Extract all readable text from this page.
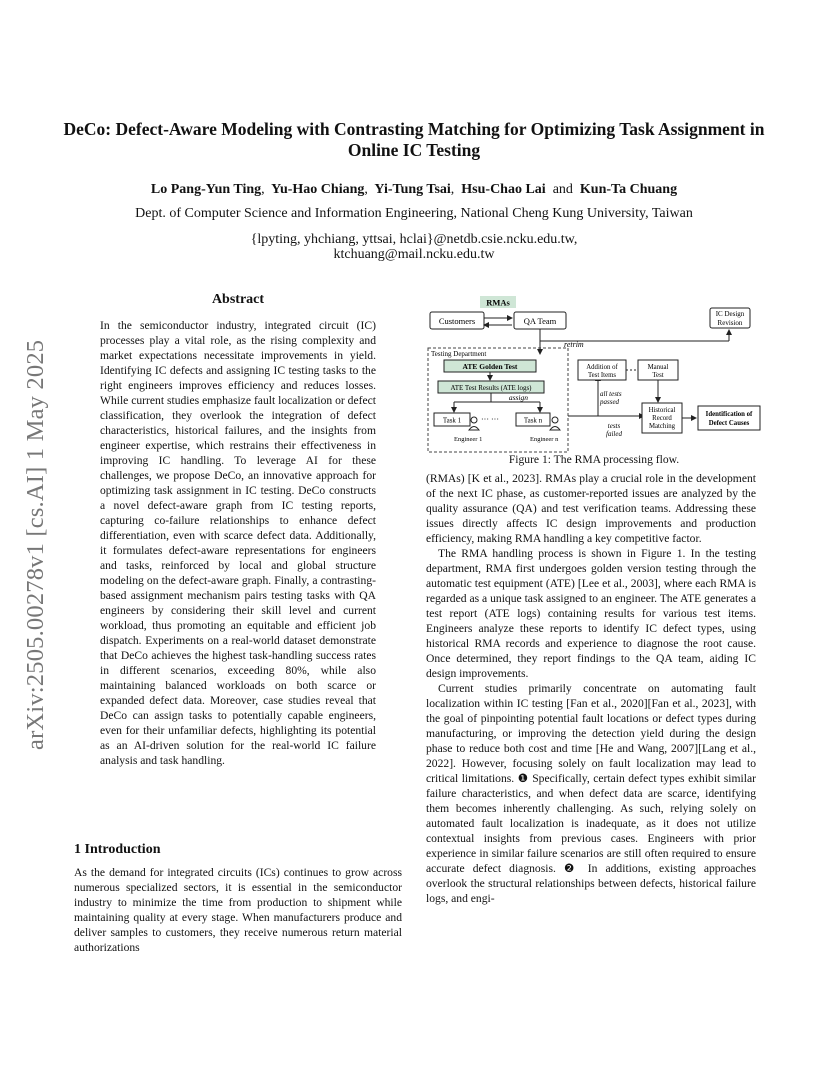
arXiv:2505.00278v1 [cs.AI] 1 May 2025
DeCo: Defect-Aware Modeling with Contrasting Matching for Optimizing Task Assignment in Online IC Testing
Lo Pang-Yun Ting, Yu-Hao Chiang, Yi-Tung Tsai, Hsu-Chao Lai and Kun-Ta Chuang
Dept. of Computer Science and Information Engineering, National Cheng Kung University, Taiwan
{lpyting, yhchiang, yttsai, hclai}@netdb.csie.ncku.edu.tw,
ktchuang@mail.ncku.edu.tw
Abstract

In the semiconductor industry, integrated circuit (IC) processes play a vital role, as the rising complexity and market expectations necessitate improvements in yield. Identifying IC defects and assigning IC testing tasks to the right engineers improves efficiency and reduces losses. While current studies emphasize fault localization or defect classification, they overlook the integration of defect characteristics, historical failures, and the insights from engineer expertise, which restrains their effectiveness in improving IC handling. To leverage AI for these challenges, we propose DeCo, an innovative approach for optimizing task assignment in IC testing. DeCo constructs a novel defect-aware graph from IC testing reports, capturing co-failure relationships to enhance defect differentiation, even with scarce defect data. Additionally, it formulates defect-aware representations for engineers and tasks, reinforced by local and global structure modeling on the defect-aware graph. Finally, a contrasting-based assignment mechanism pairs testing tasks with QA engineers by considering their skill level and current workload, thus promoting an equitable and efficient job dispatch. Experiments on a real-world dataset demonstrate that DeCo achieves the highest task-handling success rates in different scenarios, exceeding 80%, while also maintaining balanced workloads on both scarce or expanded defect data. Moreover, case studies reveal that DeCo can assign tasks to potentially capable engineers, even for their unfamiliar defects, highlighting its potential as an AI-driven solution for the real-world IC failure analysis and task handling.

1 Introduction

As the demand for integrated circuits (ICs) continues to grow across numerous specialized sectors, it is essential in the semiconductor industry to minimize the time from production to shipment while maintaining quality at every stage. When manufacturers produce and deliver samples to customers, they receive numerous return material authorizations

RMAs
Customers	QA Team
IC Design
Revision
retrim
Testing Department
ATE Golden Test
ATE Test Results (ATE logs)
assign
Task 1 ··· ···	Task n
Engineer 1	Engineer n
tests
failed
all tests
passed
Addition of
Test Items
Manual
Test
Historical
Record
Matching
Identification of
Defect Causes
Figure 1: The RMA processing flow.

(RMAs) [K et al., 2023]. RMAs play a crucial role in the development of the next IC phase, as customer-reported issues are analyzed by the quality assurance (QA) and test verification teams. Addressing these issues directly affects IC design improvements and production efficiency, making RMA handling a key competitive factor.

The RMA handling process is shown in Figure 1. In the testing department, RMA first undergoes golden version testing through the automatic test equipment (ATE) [Lee et al., 2003], where each RMA is regarded as a unique task assigned to an engineer. The ATE generates a test report (ATE logs) containing results for various test items. Engineers analyze these reports to identify IC defect types, using historical RMA records and experience to diagnose the root cause. Once determined, they report findings to the QA team, aiding IC design improvements.

Current studies primarily concentrate on automating fault localization within IC testing [Fan et al., 2020][Fan et al., 2023], with the goal of pinpointing potential fault locations or defect types during manufacturing, or improving the detection yield during the design phase to reduce both cost and time [He and Wang, 2007][Lang et al., 2022]. However, focusing solely on fault localization may lead to critical limitations. ❶ Specifically, certain defect types exhibit similar failure characteristics, and when defect data are scarce, identifying them becomes inherently challenging. As such, relying solely on automated fault localization is inadequate, as it does not utilize contextual insights from previous cases. Engineers with prior experience in similar failure scenarios are still often required to ensure accurate defect diagnosis. ❷ In additions, existing approaches overlook the structural relationships between defects, historical failure logs, and engi-
